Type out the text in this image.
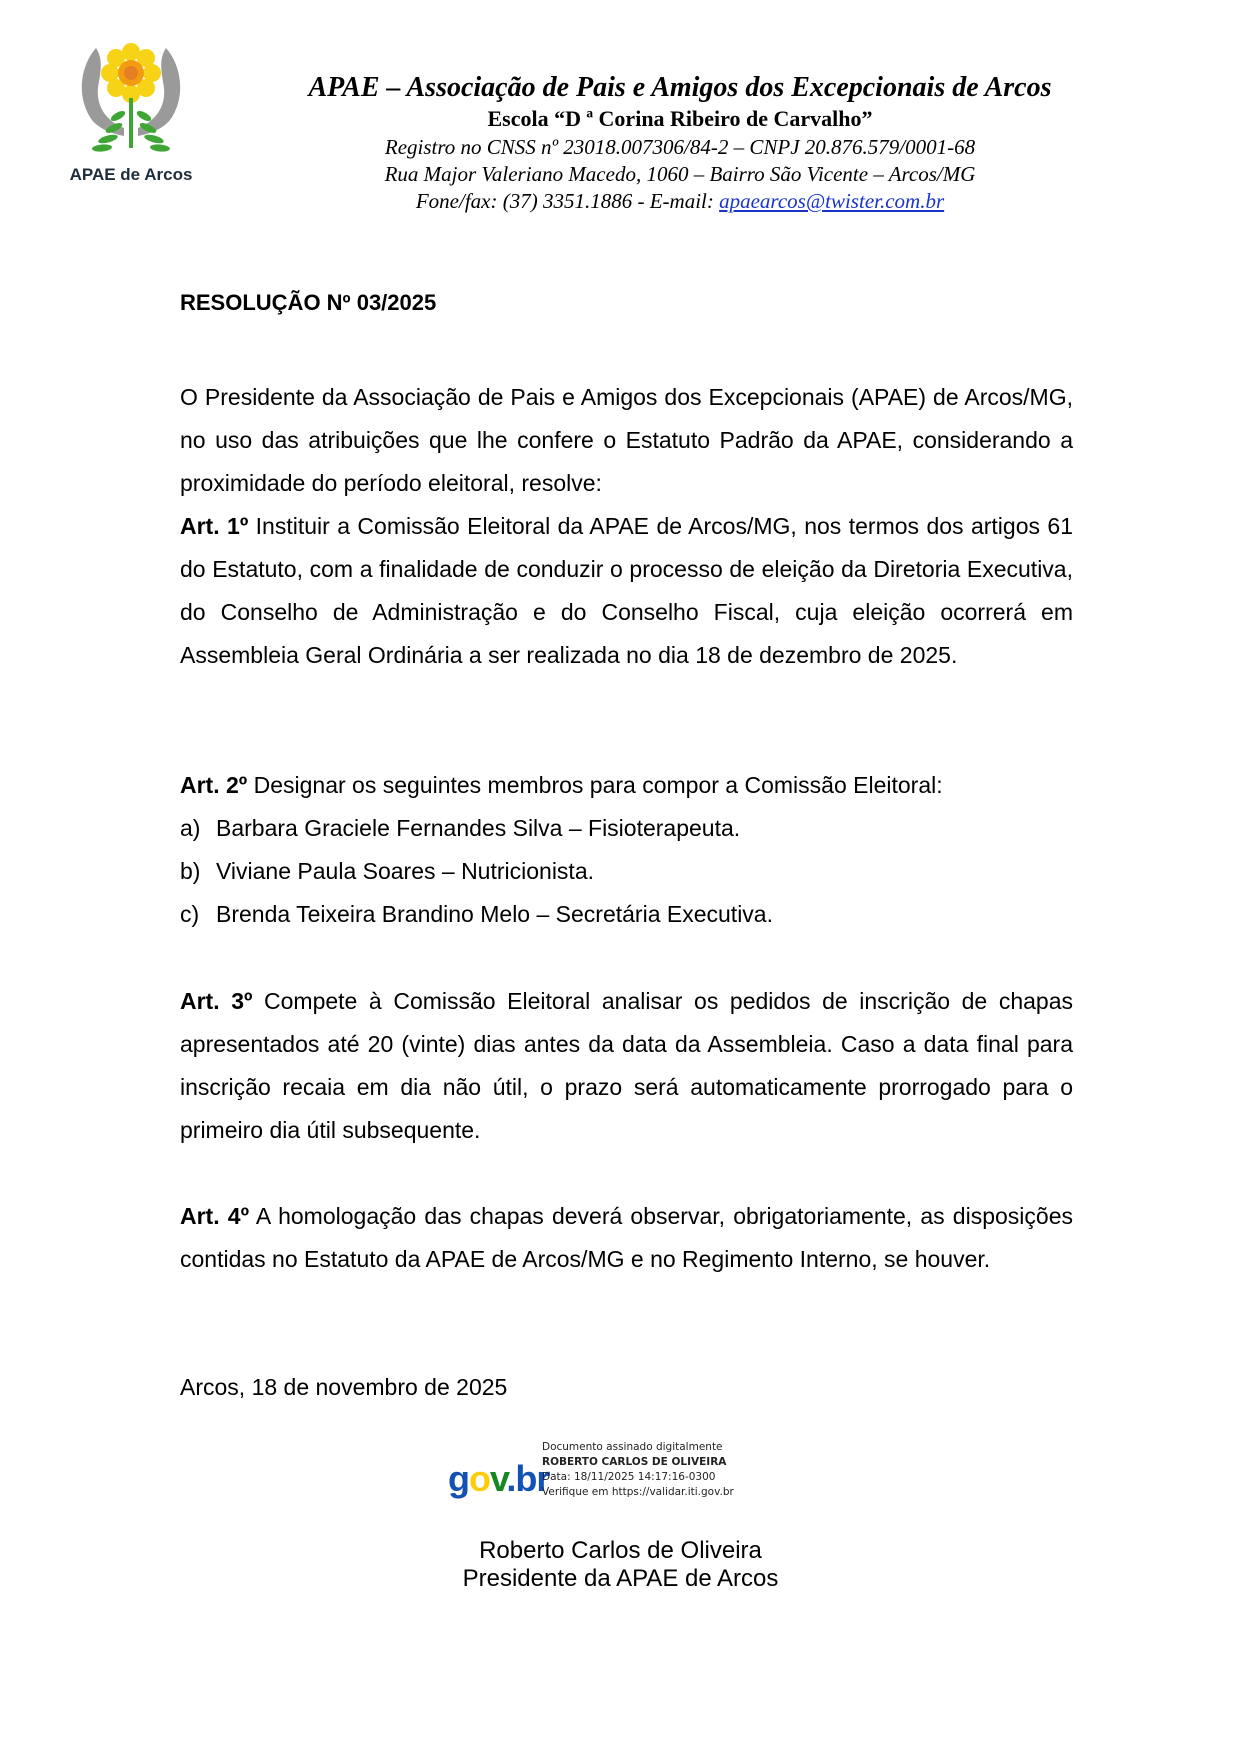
APAE de Arcos
APAE – Associação de Pais e Amigos dos Excepcionais de Arcos
Escola “D ª Corina Ribeiro de Carvalho”
Registro no CNSS nº 23018.007306/84-2 – CNPJ 20.876.579/0001-68
Rua Major Valeriano Macedo, 1060 – Bairro São Vicente – Arcos/MG
Fone/fax: (37) 3351.1886 - E-mail: apaearcos@twister.com.br
RESOLUÇÃO Nº 03/2025
O Presidente da Associação de Pais e Amigos dos Excepcionais (APAE) de Arcos/MG, no uso das atribuições que lhe confere o Estatuto Padrão da APAE, considerando a proximidade do período eleitoral, resolve:
Art. 1º Instituir a Comissão Eleitoral da APAE de Arcos/MG, nos termos dos artigos 61 do Estatuto, com a finalidade de conduzir o processo de eleição da Diretoria Executiva, do Conselho de Administração e do Conselho Fiscal, cuja eleição ocorrerá em Assembleia Geral Ordinária a ser realizada no dia 18 de dezembro de 2025.
Art. 2º Designar os seguintes membros para compor a Comissão Eleitoral:
a) Barbara Graciele Fernandes Silva – Fisioterapeuta.
b) Viviane Paula Soares – Nutricionista.
c) Brenda Teixeira Brandino Melo – Secretária Executiva.
Art. 3º Compete à Comissão Eleitoral analisar os pedidos de inscrição de chapas apresentados até 20 (vinte) dias antes da data da Assembleia. Caso a data final para inscrição recaia em dia não útil, o prazo será automaticamente prorrogado para o primeiro dia útil subsequente.
Art. 4º A homologação das chapas deverá observar, obrigatoriamente, as disposições contidas no Estatuto da APAE de Arcos/MG e no Regimento Interno, se houver.
Arcos, 18 de novembro de 2025
gov.br
Documento assinado digitalmente
ROBERTO CARLOS DE OLIVEIRA
Data: 18/11/2025 14:17:16-0300
Verifique em https://validar.iti.gov.br
Roberto Carlos de Oliveira
Presidente da APAE de Arcos
